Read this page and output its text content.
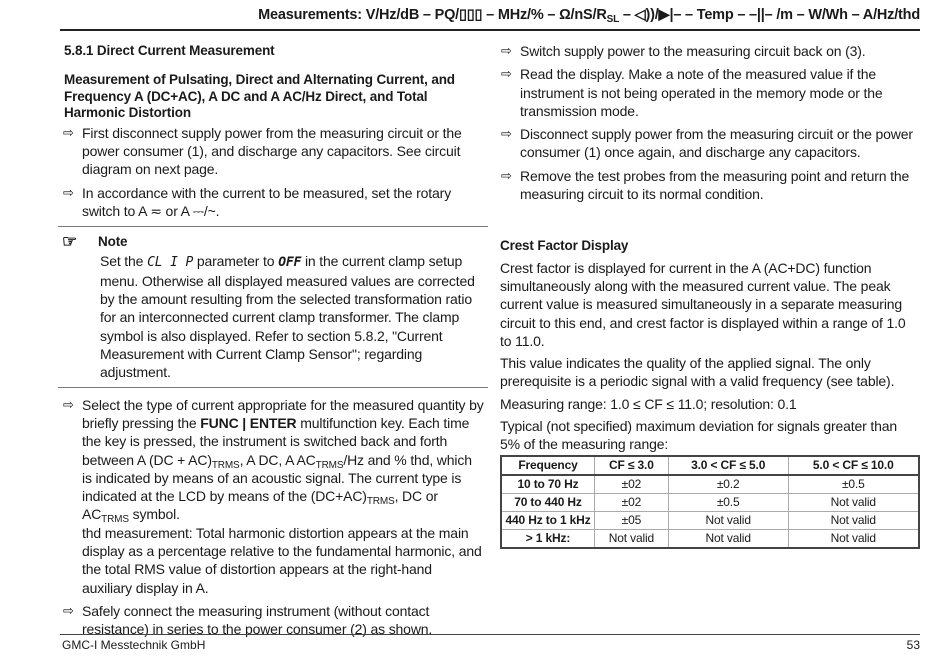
Measurements: V/Hz/dB – PQ/▯▯▯ – $MHz/\% - \Omega/nS/R_{SL}$ – ◁))/▶|– – Temp – –||– /m – W/Wh – A/Hz/thd
5.8.1 Direct Current Measurement
Measurement of Pulsating, Direct and Alternating Current, and Frequency A (DC+AC), A DC and A AC/Hz Direct, and Total Harmonic Distortion
⇨ First disconnect supply power from the measuring circuit or the power consumer (1), and discharge any capacitors. See circuit diagram on next page.
⇨ In accordance with the current to be measured, set the rotary switch to A ≂ or A ⎓/~.
☞ Note
Set the CL I P parameter to OFF in the current clamp setup menu. Otherwise all displayed measured values are corrected by the amount resulting from the selected transformation ratio for an interconnected current clamp transformer. The clamp symbol is also displayed. Refer to section 5.8.2, "Current Measurement with Current Clamp Sensor"; regarding adjustment.
⇨ Select the type of current appropriate for the measured quantity by briefly pressing the FUNC | ENTER multifunction key. Each time the key is pressed, the instrument is switched back and forth between A $(DC + AC)_{TRMS}$, A DC, A $AC_{TRMS}/Hz$ and % thd, which is indicated by means of an acoustic signal. The current type is indicated at the LCD by means of the $(DC+AC)_{TRMS}$, DC or $AC_{TRMS}$ symbol.
thd measurement: Total harmonic distortion appears at the main display as a percentage relative to the fundamental harmonic, and the total RMS value of distortion appears at the right-hand auxiliary display in A.
⇨ Safely connect the measuring instrument (without contact resistance) in series to the power consumer (2) as shown.
⇨ Switch supply power to the measuring circuit back on (3).
⇨ Read the display. Make a note of the measured value if the instrument is not being operated in the memory mode or the transmission mode.
⇨ Disconnect supply power from the measuring circuit or the power consumer (1) once again, and discharge any capacitors.
⇨ Remove the test probes from the measuring point and return the measuring circuit to its normal condition.
Crest Factor Display
Crest factor is displayed for current in the A (AC+DC) function simultaneously along with the measured current value. The peak current value is measured simultaneously in a separate measuring circuit to this end, and crest factor is displayed within a range of 1.0 to 11.0.
This value indicates the quality of the applied signal. The only prerequisite is a periodic signal with a valid frequency (see table).
Measuring range: 1.0 ≤ CF ≤ 11.0; resolution: 0.1
Typical (not specified) maximum deviation for signals greater than 5% of the measuring range:
Frequency	CF ≤ 3.0	3.0 < CF ≤ 5.0	5.0 < CF ≤ 10.0
10 to 70 Hz	±02	±0.2	±0.5
70 to 440 Hz	±02	±0.5	Not valid
440 Hz to 1 kHz	±05	Not valid	Not valid
> 1 kHz:	Not valid	Not valid	Not valid
GMC-I Messtechnik GmbH	53
